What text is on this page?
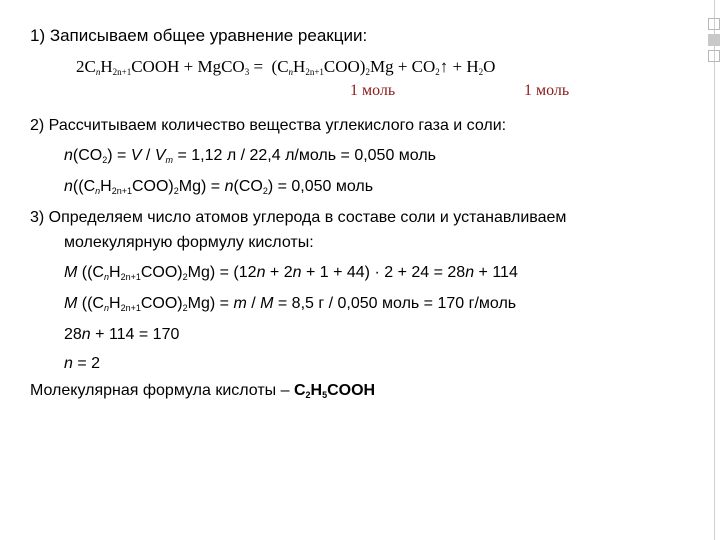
1) Записываем общее уравнение реакции:
$2C_nH_{2n+1}COOH$ + MgCO$_3$ =  $(C_nH_{2n+1}COO)_2Mg$ + $CO_2↑ + H_2O$
1 моль	1 моль
2) Рассчитываем количество вещества углекислого газа и соли:
$n(CO_2) = V / V_m = 1,12$ л / 22,4 л/моль = 0,050 моль
$n((C_nH_{2n+1}COO)_2Mg) = n(CO_2) = 0,050$ моль
3) Определяем число атомов углерода в составе соли и устанавливаем
молекулярную формулу кислоты:
M $((C_nH_{2n+1}COO)_2Mg) = (12n + 2n + 1 + 44) \cdot 2 + 24 = 28n + 114$
M $((C_nH_{2n+1}COO)_2Mg) = m / M = 8,5$ г / 0,050 моль = 170 г/моль
28n + 114 = 170
n = 2
Молекулярная формула кислоты – $C_2H_5COOH$
